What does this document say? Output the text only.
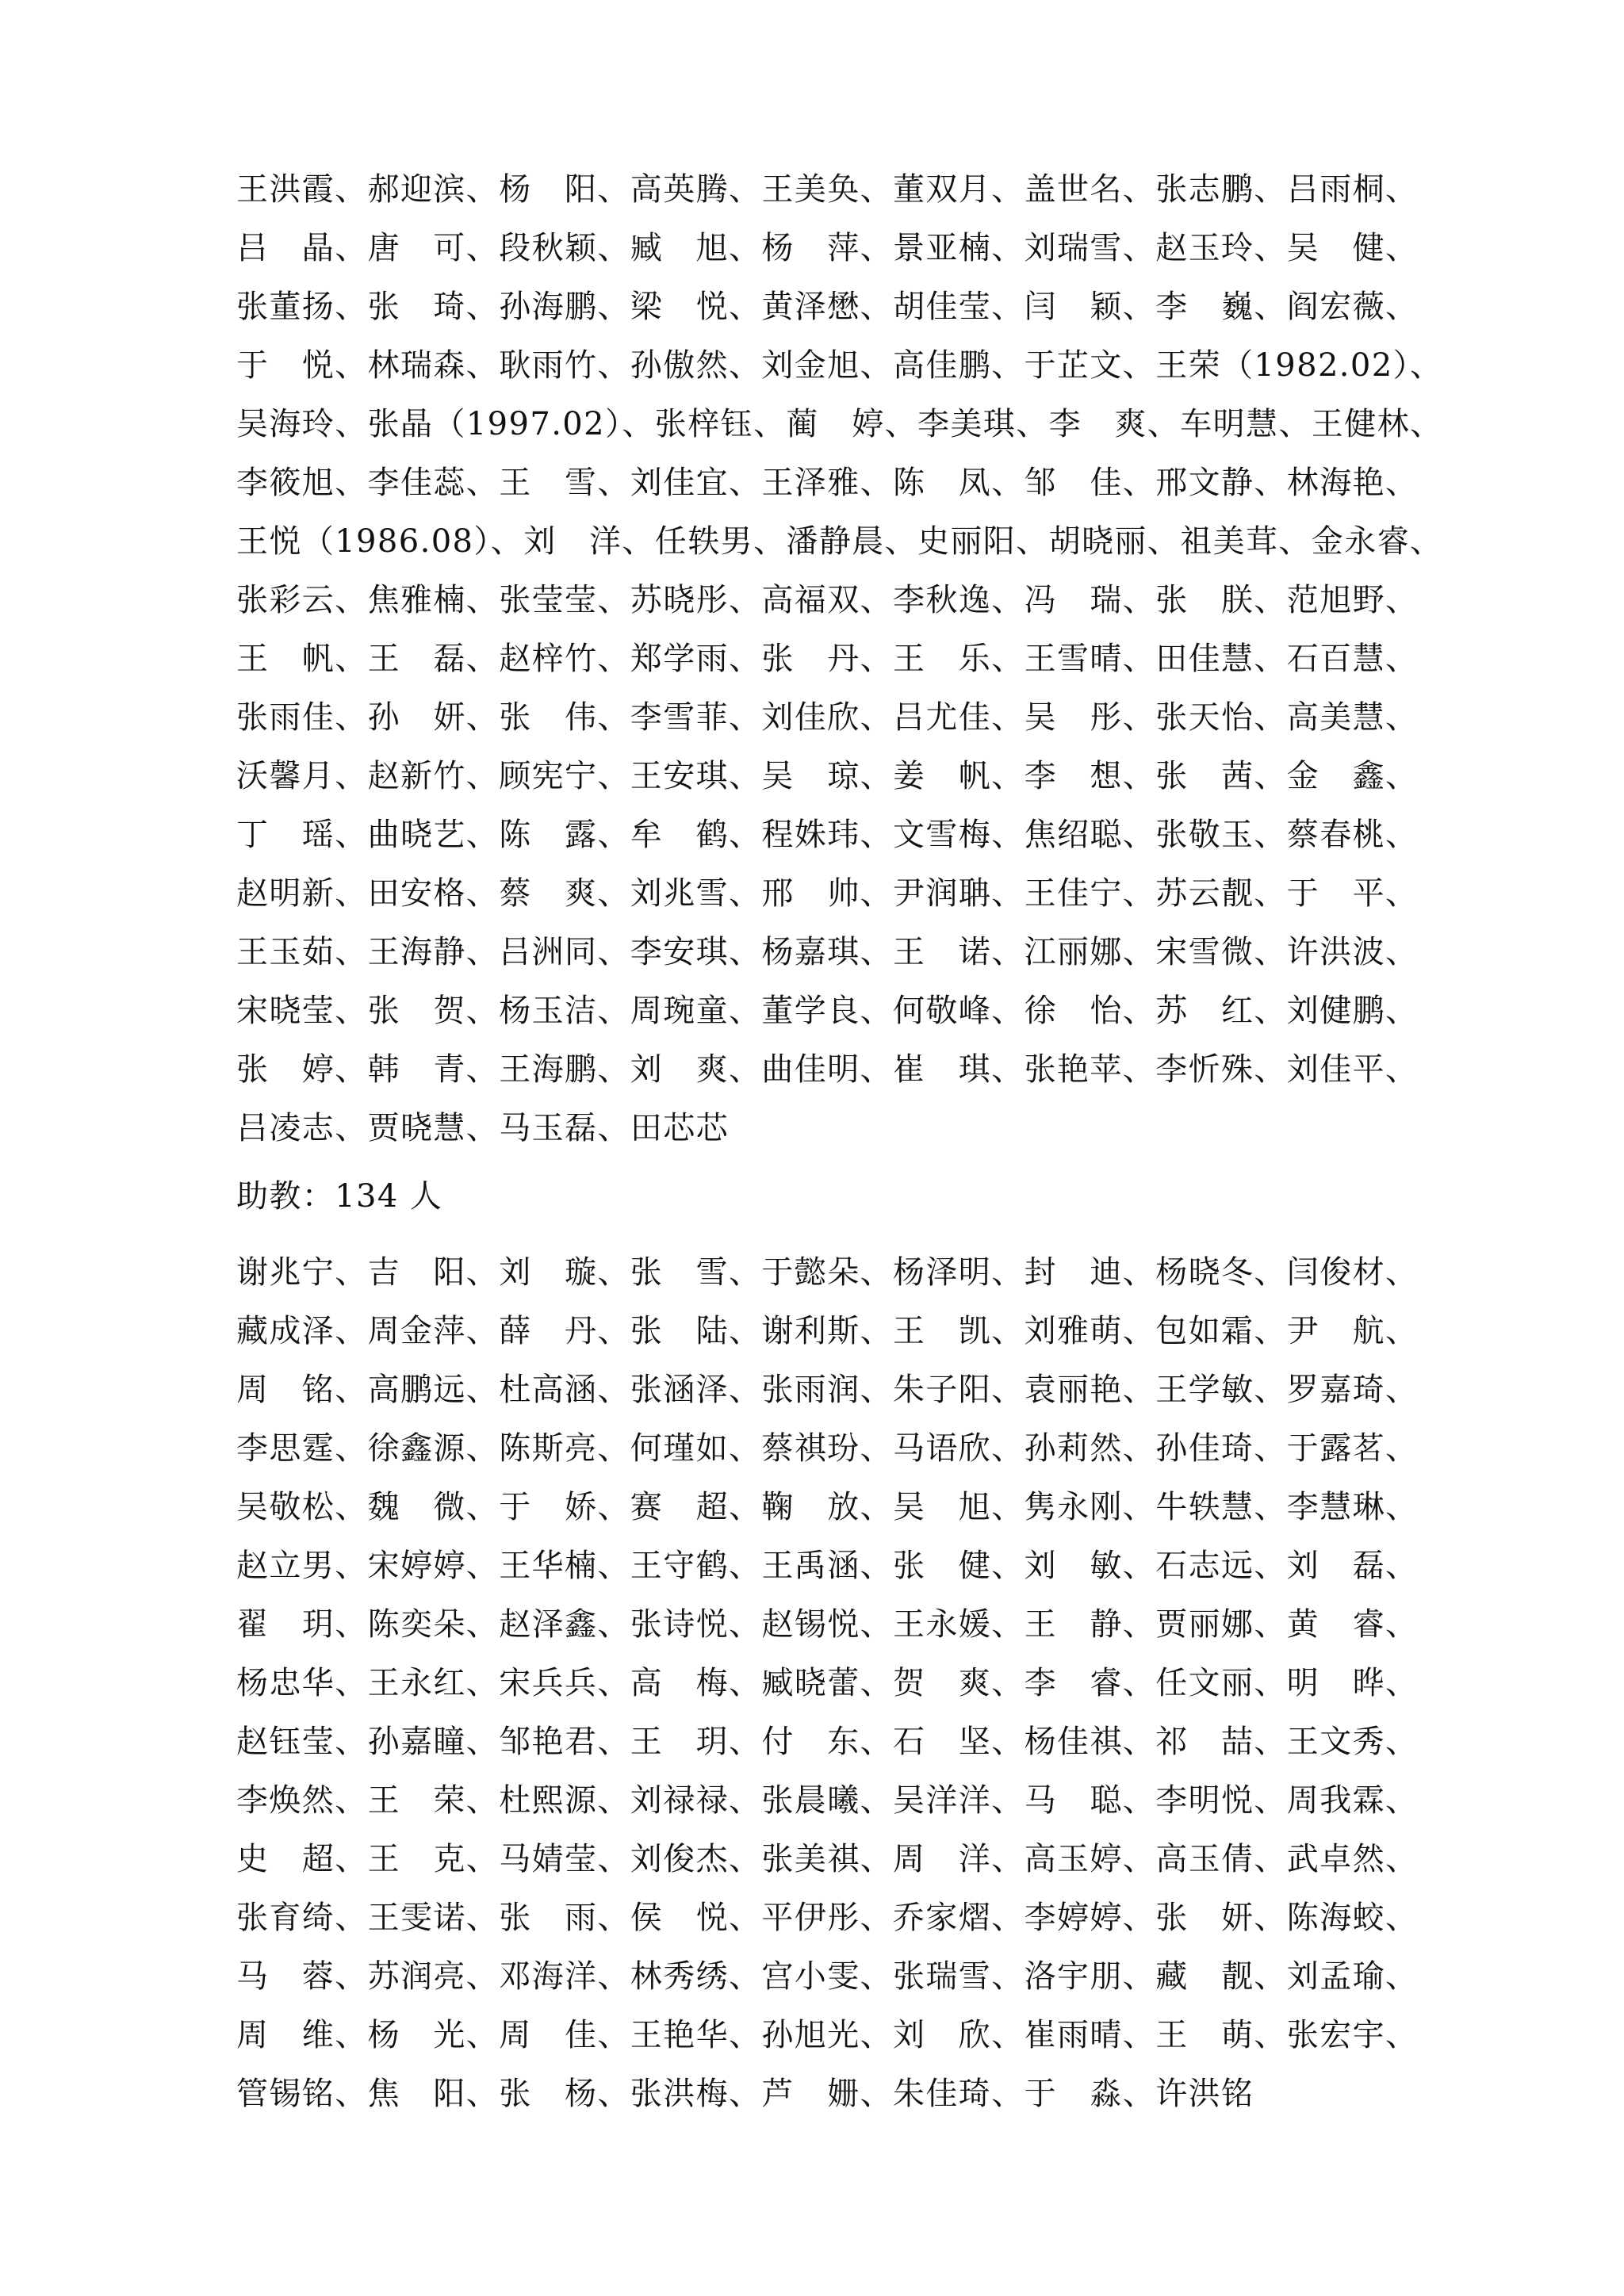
王洪霞、郝迎滨、杨　阳、高英腾、王美奂、董双月、盖世名、张志鹏、吕雨桐、
吕　晶、唐　可、段秋颖、臧　旭、杨　萍、景亚楠、刘瑞雪、赵玉玲、吴　健、
张董扬、张　琦、孙海鹏、梁　悦、黄泽懋、胡佳莹、闫　颖、李　巍、阎宏薇、
于　悦、林瑞森、耿雨竹、孙傲然、刘金旭、高佳鹏、于芷文、王荣（1982.02）、
吴海玲、张晶（1997.02）、张梓钰、蔺　婷、李美琪、李　爽、车明慧、王健林、
李筱旭、李佳蕊、王　雪、刘佳宜、王泽雅、陈　凤、邹　佳、邢文静、林海艳、
王悦（1986.08）、刘　洋、任轶男、潘静晨、史丽阳、胡晓丽、祖美茸、金永睿、
张彩云、焦雅楠、张莹莹、苏晓彤、高福双、李秋逸、冯　瑞、张　朕、范旭野、
王　帆、王　磊、赵梓竹、郑学雨、张　丹、王　乐、王雪晴、田佳慧、石百慧、
张雨佳、孙　妍、张　伟、李雪菲、刘佳欣、吕尤佳、吴　彤、张天怡、高美慧、
沃馨月、赵新竹、顾宪宁、王安琪、吴　琼、姜　帆、李　想、张　茜、金　鑫、
丁　瑶、曲晓艺、陈　露、牟　鹤、程姝玮、文雪梅、焦绍聪、张敬玉、蔡春桃、
赵明新、田安格、蔡　爽、刘兆雪、邢　帅、尹润聃、王佳宁、苏云靓、于　平、
王玉茹、王海静、吕洲同、李安琪、杨嘉琪、王　诺、江丽娜、宋雪微、许洪波、
宋晓莹、张　贺、杨玉洁、周琬童、董学良、何敬峰、徐　怡、苏　红、刘健鹏、
张　婷、韩　青、王海鹏、刘　爽、曲佳明、崔　琪、张艳苹、李忻殊、刘佳平、
吕凌志、贾晓慧、马玉磊、田芯芯
助教：134 人
谢兆宁、吉　阳、刘　璇、张　雪、于懿朵、杨泽明、封　迪、杨晓冬、闫俊材、
藏成泽、周金萍、薛　丹、张　陆、谢利斯、王　凯、刘雅萌、包如霜、尹　航、
周　铭、高鹏远、杜高涵、张涵泽、张雨润、朱子阳、袁丽艳、王学敏、罗嘉琦、
李思霆、徐鑫源、陈斯亮、何瑾如、蔡祺玢、马语欣、孙莉然、孙佳琦、于露茗、
吴敬松、魏　微、于　娇、赛　超、鞠　放、吴　旭、隽永刚、牛轶慧、李慧琳、
赵立男、宋婷婷、王华楠、王守鹤、王禹涵、张　健、刘　敏、石志远、刘　磊、
翟　玥、陈奕朵、赵泽鑫、张诗悦、赵锡悦、王永媛、王　静、贾丽娜、黄　睿、
杨忠华、王永红、宋兵兵、高　梅、臧晓蕾、贺　爽、李　睿、任文丽、明　晔、
赵钰莹、孙嘉瞳、邹艳君、王　玥、付　东、石　坚、杨佳祺、祁　喆、王文秀、
李焕然、王　荣、杜熙源、刘禄禄、张晨曦、吴洋洋、马　聪、李明悦、周我霖、
史　超、王　克、马婧莹、刘俊杰、张美祺、周　洋、高玉婷、高玉倩、武卓然、
张育绮、王雯诺、张　雨、侯　悦、平伊彤、乔家熠、李婷婷、张　妍、陈海蛟、
马　蓉、苏润亮、邓海洋、林秀绣、宫小雯、张瑞雪、洛宇朋、藏　靓、刘孟瑜、
周　维、杨　光、周　佳、王艳华、孙旭光、刘　欣、崔雨晴、王　萌、张宏宇、
管锡铭、焦　阳、张　杨、张洪梅、芦　姗、朱佳琦、于　淼、许洪铭
